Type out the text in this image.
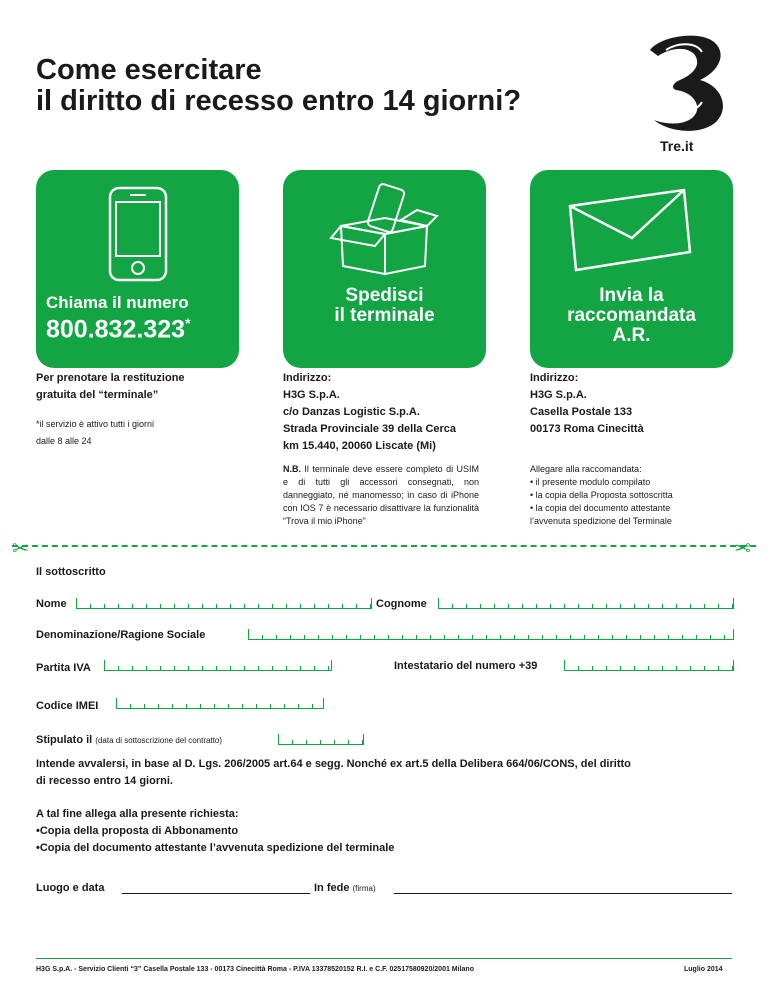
Come esercitare
il diritto di recesso entro 14 giorni?
Tre.it
Chiama il numero
800.832.323*
Spedisci
il terminale
Invia la
raccomandata
A.R.
Per prenotare la restituzione
gratuita del “terminale”
*il servizio è attivo tutti i giorni
dalle 8 alle 24
Indirizzo:
H3G S.p.A.
c/o Danzas Logistic S.p.A.
Strada Provinciale 39 della Cerca
km 15.440, 20060 Liscate (Mi)
N.B. Il terminale deve essere completo di USIM e di tutti gli accessori consegnati, non danneggiato, né manomesso; in caso di iPhone con IOS 7 è necessario disattivare la funzionalità “Trova il mio iPhone”
Indirizzo:
H3G S.p.A.
Casella Postale 133
00173 Roma Cinecittà
Allegare alla raccomandata:
• il presente modulo compilato
• la copia della Proposta sottoscritta
• la copia del documento attestante
l’avvenuta spedizione del Terminale
✂	✂
Il sottoscritto
Nome	Cognome
Denominazione/Ragione Sociale
Partita IVA	Intestatario del numero +39
Codice IMEI
Stipulato il (data di sottoscrizione del contratto)
Intende avvalersi, in base al D. Lgs. 206/2005 art.64 e segg. Nonché ex art.5 della Delibera 664/06/CONS, del diritto
di recesso entro 14 giorni.
A tal fine allega alla presente richiesta:
•Copia della proposta di Abbonamento
•Copia del documento attestante l’avvenuta spedizione del terminale
Luogo e data	In fede (firma)
H3G S.p.A. - Servizio Clienti “3” Casella Postale 133 - 00173 Cinecittà Roma - P.IVA 13378520152 R.I. e C.F. 02517580920/2001 Milano	Luglio 2014
